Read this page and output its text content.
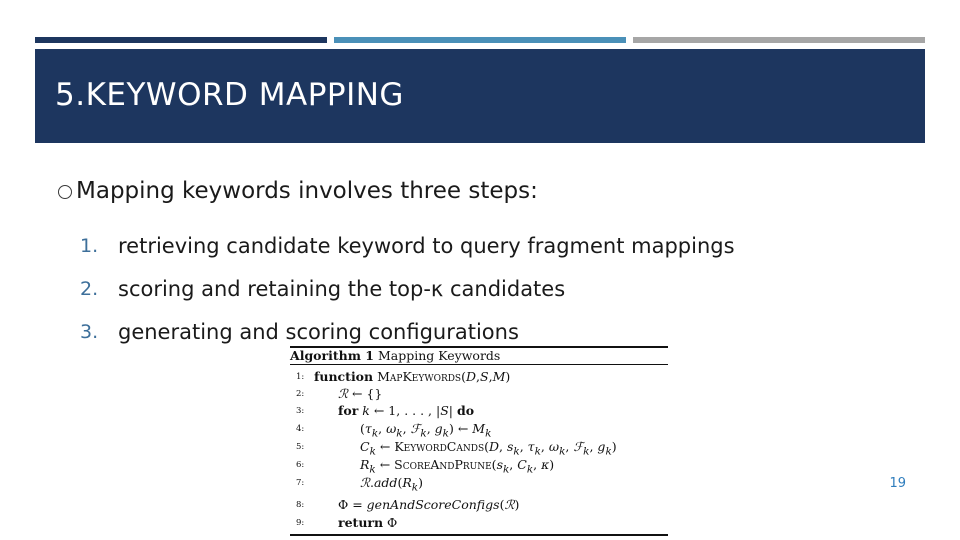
5.KEYWORD MAPPING
Mapping keywords involves three steps:
1. retrieving candidate keyword to query fragment mappings
2. scoring and retaining the top-κ candidates
3. generating and scoring configurations
Algorithm 1 Mapping Keywords
1: function MapKeywords(D,S,M)
2:	ℛ ← {}
3:	for k ← 1, . . . , |S| do
4:	($\tau_k$, $\omega_k$, ℱ$_k$, $g_k$) ← $M_k$
5:	$C_k$ ← KeywordCands(D, $s_k$, $\tau_k$, $\omega_k$, ℱ$_k$, $g_k$)
6:	$R_k$ ← $ScoreAndPrune(s_k$, $C_k$, κ)
7:	$ℛ.add(R_k)$
8:	Φ = genAndScoreConfigs(ℛ)
9:	return Φ
19
